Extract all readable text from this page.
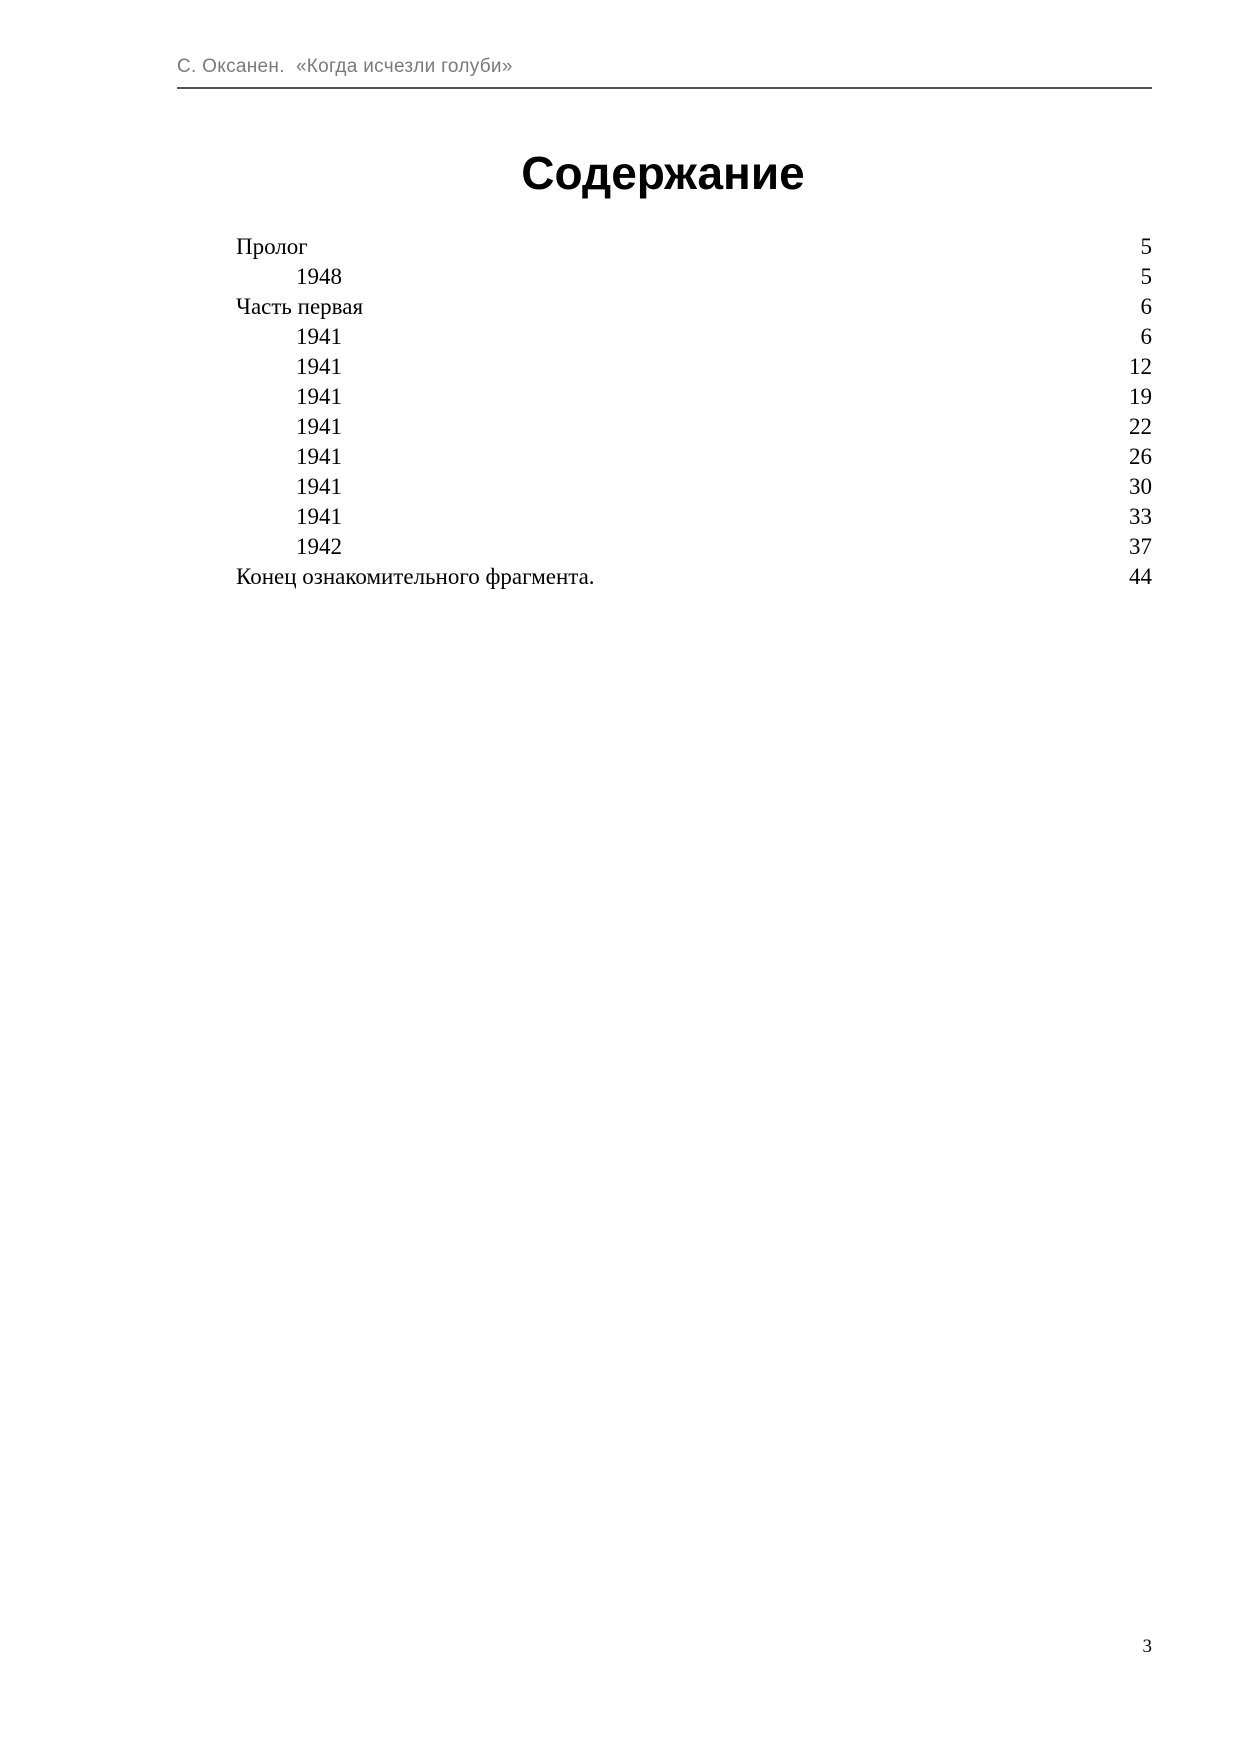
С. Оксанен.  «Когда исчезли голуби»
Содержание
Пролог	5
1948	5
Часть первая	6
1941	6
1941	12
1941	19
1941	22
1941	26
1941	30
1941	33
1942	37
Конец ознакомительного фрагмента.	44
3
